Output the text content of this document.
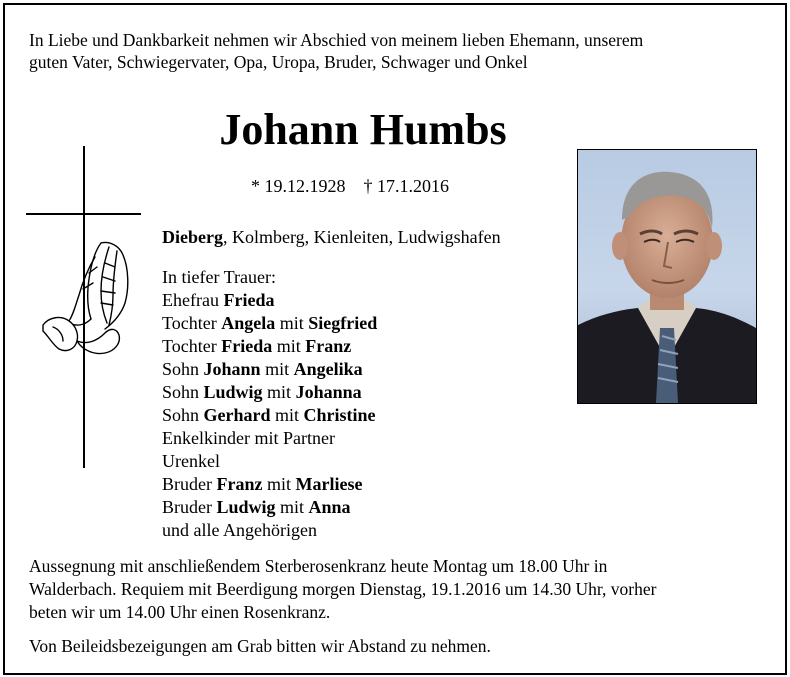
In Liebe und Dankbarkeit nehmen wir Abschied von meinem lieben Ehemann, unserem
guten Vater, Schwiegervater, Opa, Uropa, Bruder, Schwager und Onkel
Johann Humbs
* 19.12.1928 † 17.1.2016
Dieberg, Kolmberg, Kienleiten, Ludwigshafen
In tiefer Trauer:
Ehefrau Frieda
Tochter Angela mit Siegfried
Tochter Frieda mit Franz
Sohn Johann mit Angelika
Sohn Ludwig mit Johanna
Sohn Gerhard mit Christine
Enkelkinder mit Partner
Urenkel
Bruder Franz mit Marliese
Bruder Ludwig mit Anna
und alle Angehörigen
Aussegnung mit anschließendem Sterberosenkranz heute Montag um 18.00 Uhr in
Walderbach. Requiem mit Beerdigung morgen Dienstag, 19.1.2016 um 14.30 Uhr, vorher
beten wir um 14.00 Uhr einen Rosenkranz.
Von Beileidsbezeigungen am Grab bitten wir Abstand zu nehmen.
